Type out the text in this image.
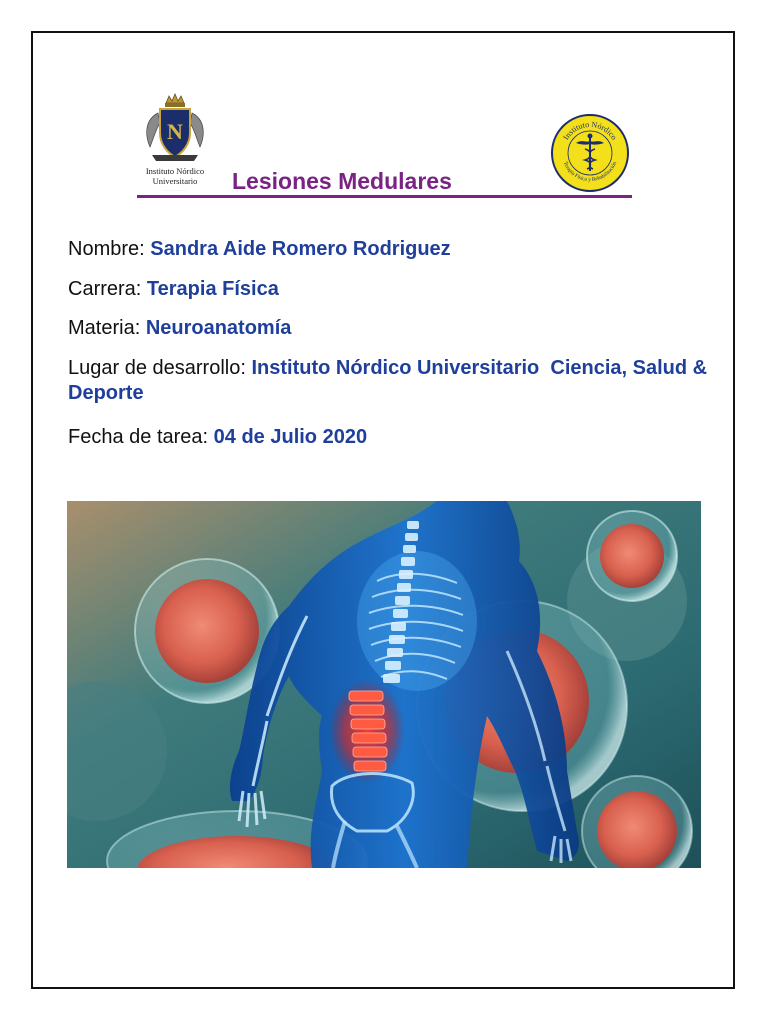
N
Instituto Nórdico
Universitario
· · · · · · · · · ·
Instituto Nórdico
Terapia Física y Rehabilitación
Lesiones Medulares
Nombre: Sandra Aide Romero Rodriguez
Carrera: Terapia Física
Materia: Neuroanatomía
Lugar de desarrollo: Instituto Nórdico Universitario  Ciencia, Salud & Deporte
Fecha de tarea: 04 de Julio 2020
